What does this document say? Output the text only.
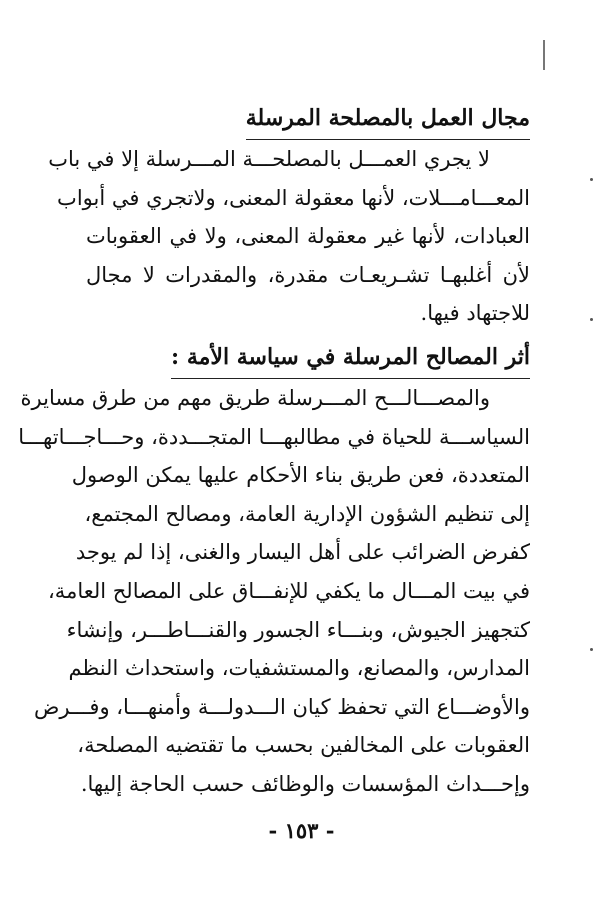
مجال العمل بالمصلحة المرسلة
لا يجري العمـــل بالمصلحـــة المـــرسلة إلا في باب
المعـــامـــلات، لأنها معقولة المعنى، ولاتجري في أبواب
العبادات، لأنها غير معقولة المعنى، ولا في العقوبات
لأن أغلبهـا تشـريعـات مقدرة، والمقدرات لا مجال
للاجتهاد فيها.
أثر المصالح المرسلة في سياسة الأمة :
والمصـــالـــح المـــرسلة طريق مهم من طرق مسايرة
السياســـة للحياة في مطالبهـــا المتجـــددة، وحـــاجـــاتهـــا
المتعددة، فعن طريق بناء الأحكام عليها يمكن الوصول
إلى تنظيم الشؤون الإدارية العامة، ومصالح المجتمع،
كفرض الضرائب على أهل اليسار والغنى، إذا لم يوجد
في بيت المـــال ما يكفي للإنفـــاق على المصالح العامة،
كتجهيز الجيوش، وبنـــاء الجسور والقنـــاطـــر، وإنشاء
المدارس، والمصانع، والمستشفيات، واستحداث النظم
والأوضـــاع التي تحفظ كيان الـــدولـــة وأمنهـــا، وفـــرض
العقوبات على المخالفين بحسب ما تقتضيه المصلحة،
وإحـــداث المؤسسات والوظائف حسب الحاجة إليها.
- ١٥٣ -
